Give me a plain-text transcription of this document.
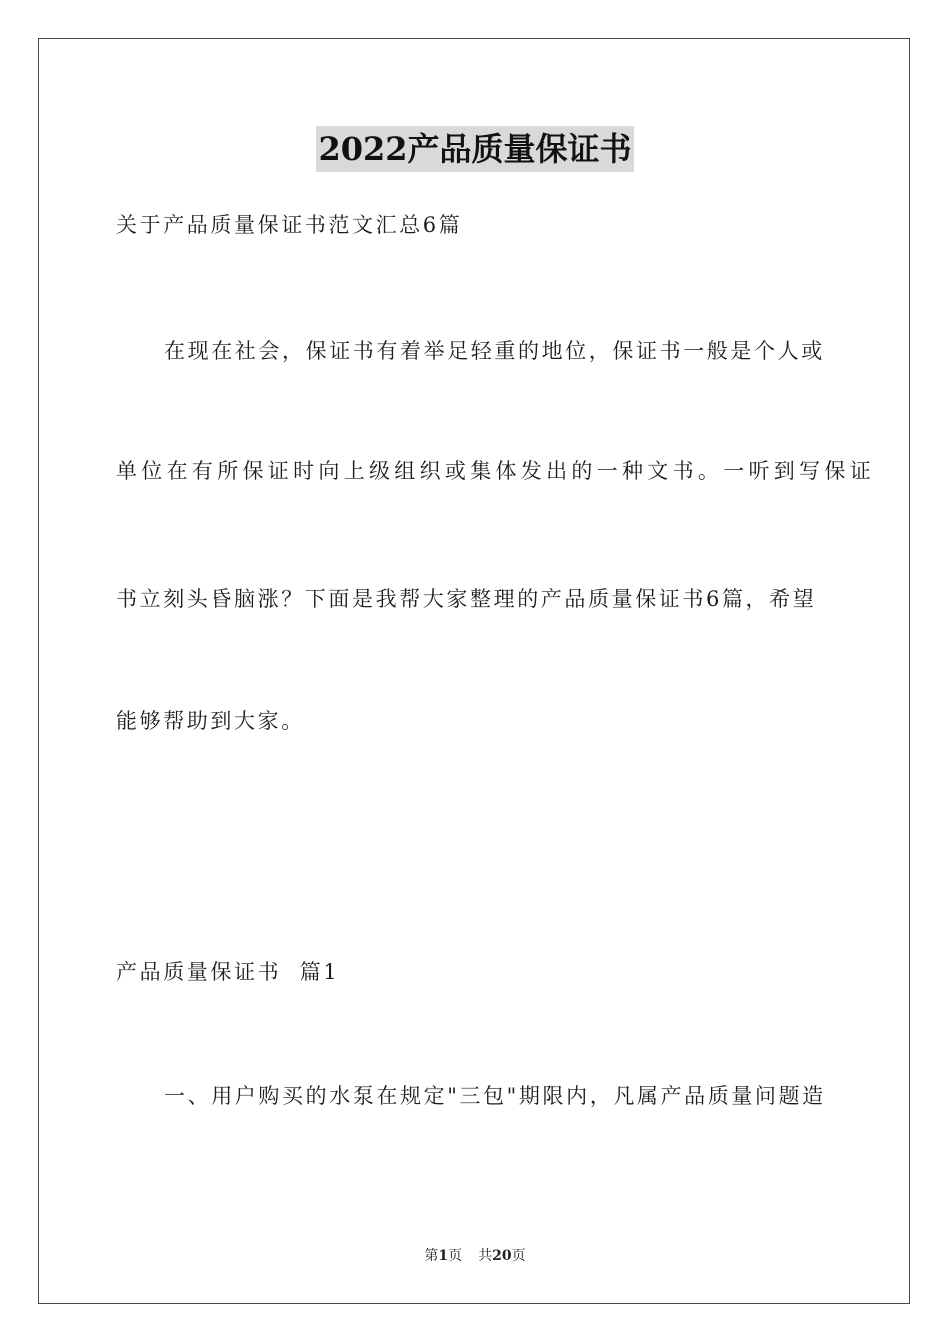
2022产品质量保证书

关于产品质量保证书范文汇总6篇

在现在社会，保证书有着举足轻重的地位，保证书一般是个人或

单位在有所保证时向上级组织或集体发出的一种文书。一听到写保证

书立刻头昏脑涨？下面是我帮大家整理的产品质量保证书6篇，希望

能够帮助到大家。

产品质量保证书  篇1

一、用户购买的水泵在规定"三包"期限内，凡属产品质量问题造

第1页 共20页
